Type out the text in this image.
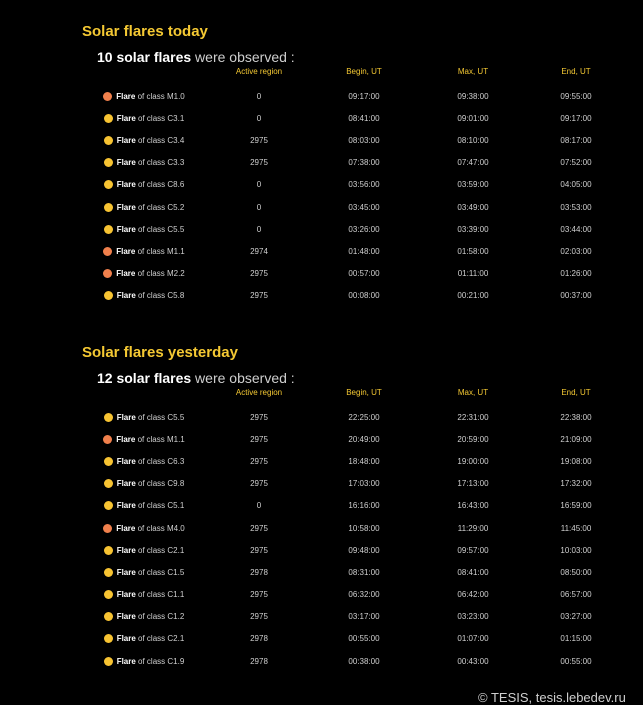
Solar flares today
10 solar flares were observed :
	Active region	Begin, UT	Max, UT	End, UT
Flare of class M1.0	0	09:17:00	09:38:00	09:55:00
Flare of class C3.1	0	08:41:00	09:01:00	09:17:00
Flare of class C3.4	2975	08:03:00	08:10:00	08:17:00
Flare of class C3.3	2975	07:38:00	07:47:00	07:52:00
Flare of class C8.6	0	03:56:00	03:59:00	04:05:00
Flare of class C5.2	0	03:45:00	03:49:00	03:53:00
Flare of class C5.5	0	03:26:00	03:39:00	03:44:00
Flare of class M1.1	2974	01:48:00	01:58:00	02:03:00
Flare of class M2.2	2975	00:57:00	01:11:00	01:26:00
Flare of class C5.8	2975	00:08:00	00:21:00	00:37:00
Solar flares yesterday
12 solar flares were observed :
	Active region	Begin, UT	Max, UT	End, UT
Flare of class C5.5	2975	22:25:00	22:31:00	22:38:00
Flare of class M1.1	2975	20:49:00	20:59:00	21:09:00
Flare of class C6.3	2975	18:48:00	19:00:00	19:08:00
Flare of class C9.8	2975	17:03:00	17:13:00	17:32:00
Flare of class C5.1	0	16:16:00	16:43:00	16:59:00
Flare of class M4.0	2975	10:58:00	11:29:00	11:45:00
Flare of class C2.1	2975	09:48:00	09:57:00	10:03:00
Flare of class C1.5	2978	08:31:00	08:41:00	08:50:00
Flare of class C1.1	2975	06:32:00	06:42:00	06:57:00
Flare of class C1.2	2975	03:17:00	03:23:00	03:27:00
Flare of class C2.1	2978	00:55:00	01:07:00	01:15:00
Flare of class C1.9	2978	00:38:00	00:43:00	00:55:00
© TESIS, tesis.lebedev.ru
